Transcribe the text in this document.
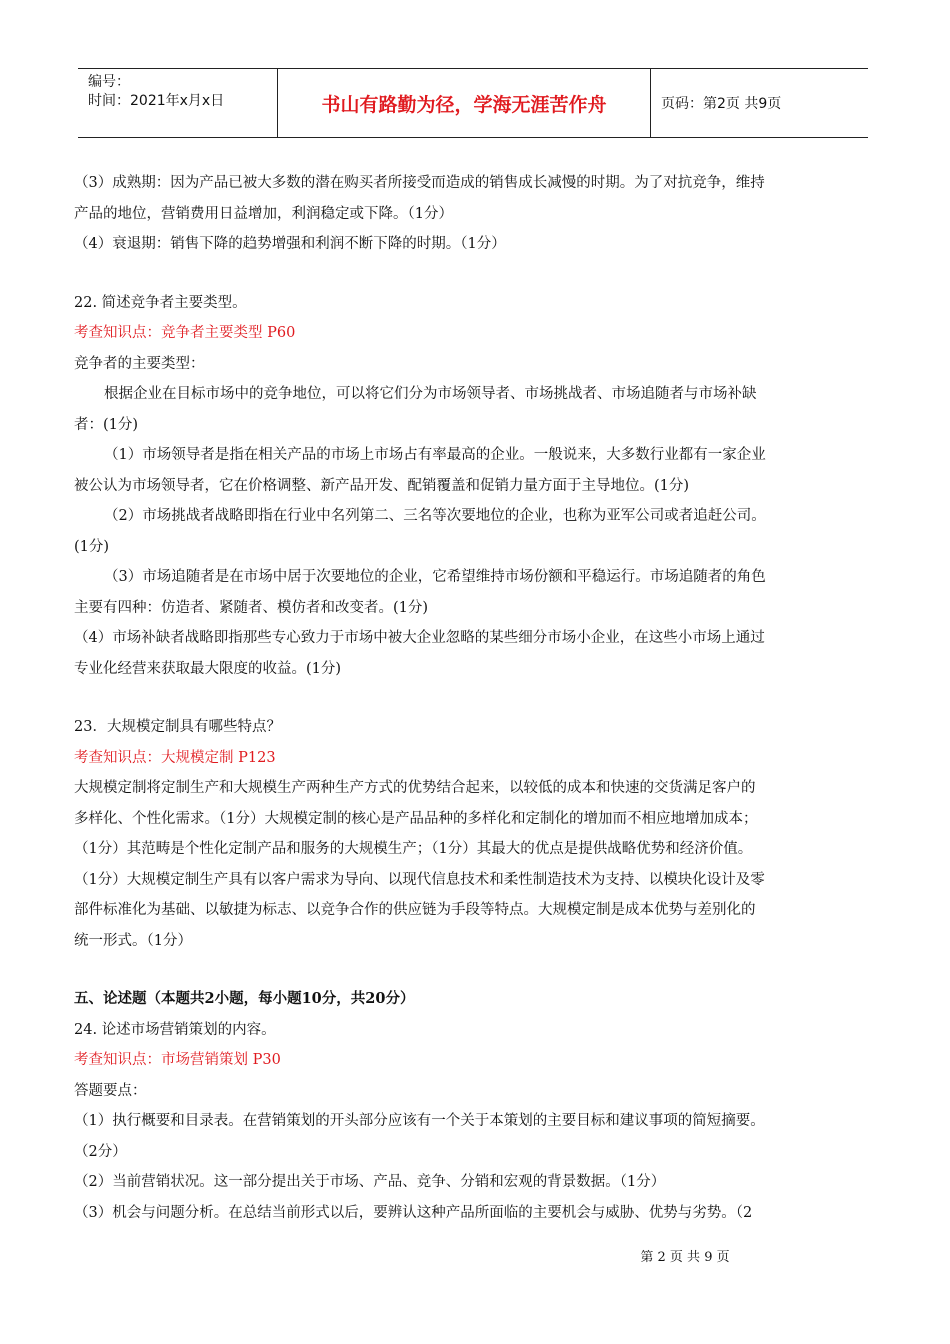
编号：
时间：2021年x月x日	书山有路勤为径，学海无涯苦作舟	页码：第2页 共9页

（3）成熟期：因为产品已被大多数的潜在购买者所接受而造成的销售成长减慢的时期。为了对抗竞争，维持

产品的地位，营销费用日益增加，利润稳定或下降。（1分）

（4）衰退期：销售下降的趋势增强和利润不断下降的时期。（1分）

22. 简述竞争者主要类型。

考查知识点：竞争者主要类型 P60

竞争者的主要类型：

根据企业在目标市场中的竞争地位，可以将它们分为市场领导者、市场挑战者、市场追随者与市场补缺

者：(1分)

（1）市场领导者是指在相关产品的市场上市场占有率最高的企业。一般说来，大多数行业都有一家企业

被公认为市场领导者，它在价格调整、新产品开发、配销覆盖和促销力量方面于主导地位。(1分)

（2）市场挑战者战略即指在行业中名列第二、三名等次要地位的企业，也称为亚军公司或者追赶公司。

(1分)

（3）市场追随者是在市场中居于次要地位的企业，它希望维持市场份额和平稳运行。市场追随者的角色

主要有四种：仿造者、紧随者、模仿者和改变者。(1分)

（4）市场补缺者战略即指那些专心致力于市场中被大企业忽略的某些细分市场小企业，在这些小市场上通过

专业化经营来获取最大限度的收益。(1分)

23．大规模定制具有哪些特点？

考查知识点：大规模定制 P123

大规模定制将定制生产和大规模生产两种生产方式的优势结合起来，以较低的成本和快速的交货满足客户的

多样化、个性化需求。（1分）大规模定制的核心是产品品种的多样化和定制化的增加而不相应地增加成本；

（1分）其范畴是个性化定制产品和服务的大规模生产；（1分）其最大的优点是提供战略优势和经济价值。

（1分）大规模定制生产具有以客户需求为导向、以现代信息技术和柔性制造技术为支持、以模块化设计及零

部件标准化为基础、以敏捷为标志、以竞争合作的供应链为手段等特点。大规模定制是成本优势与差别化的

统一形式。（1分）

五、论述题（本题共2小题，每小题10分，共20分）

24. 论述市场营销策划的内容。

考查知识点：市场营销策划 P30

答题要点：

（1）执行概要和目录表。在营销策划的开头部分应该有一个关于本策划的主要目标和建议事项的简短摘要。

（2分）

（2）当前营销状况。这一部分提出关于市场、产品、竞争、分销和宏观的背景数据。（1分）

（3）机会与问题分析。在总结当前形式以后，要辨认这种产品所面临的主要机会与威胁、优势与劣势。（2

第 2 页 共 9 页
